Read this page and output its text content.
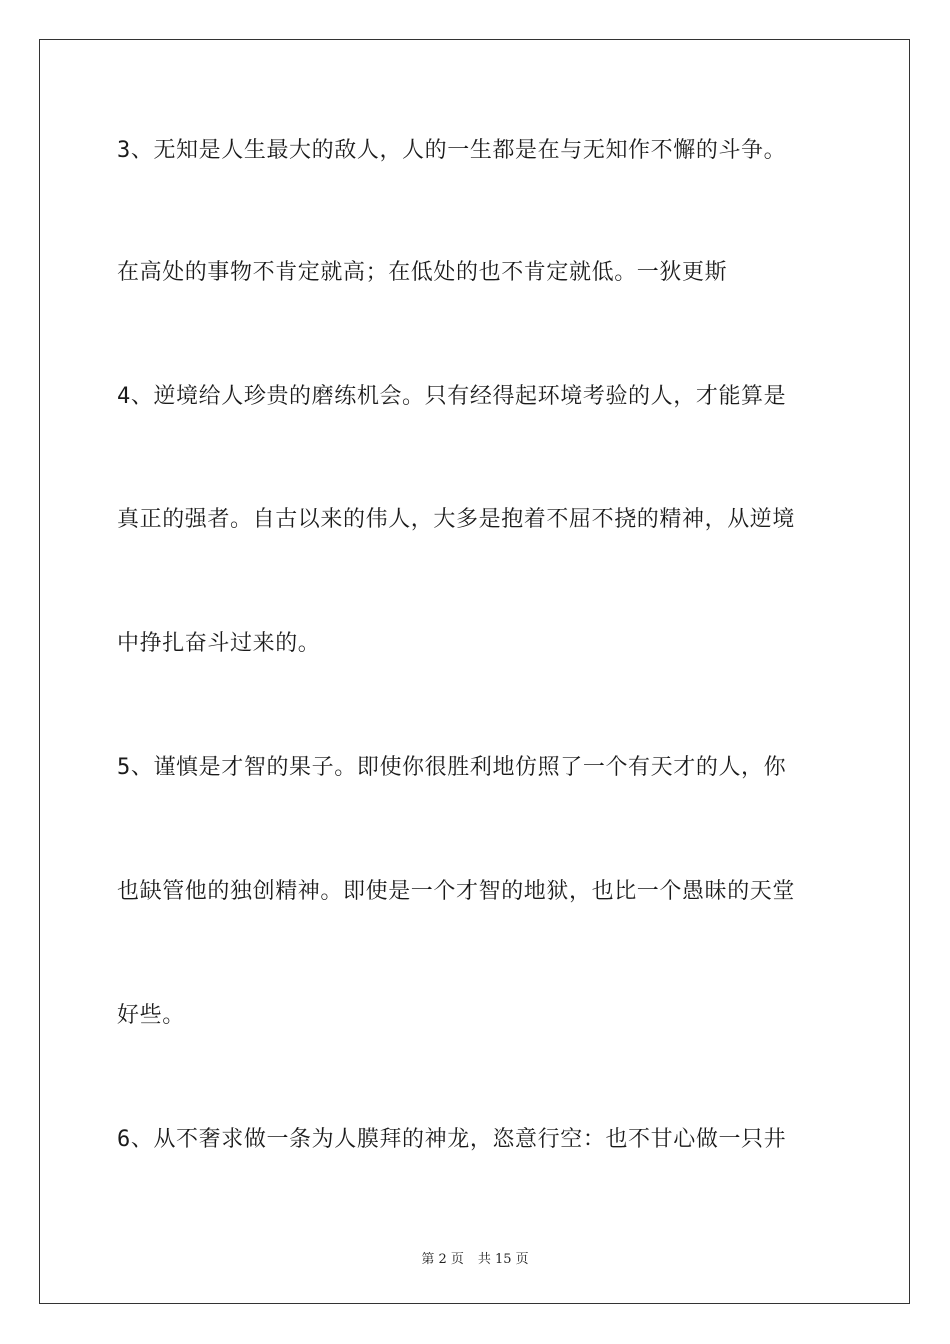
3、无知是人生最大的敌人，人的一生都是在与无知作不懈的斗争。
在高处的事物不肯定就高；在低处的也不肯定就低。一狄更斯
4、逆境给人珍贵的磨练机会。只有经得起环境考验的人，才能算是
真正的强者。自古以来的伟人，大多是抱着不屈不挠的精神，从逆境
中挣扎奋斗过来的。
5、谨慎是才智的果子。即使你很胜利地仿照了一个有天才的人，你
也缺管他的独创精神。即使是一个才智的地狱，也比一个愚昧的天堂
好些。
6、从不奢求做一条为人膜拜的神龙，恣意行空：也不甘心做一只井
第 2 页 共 15 页
